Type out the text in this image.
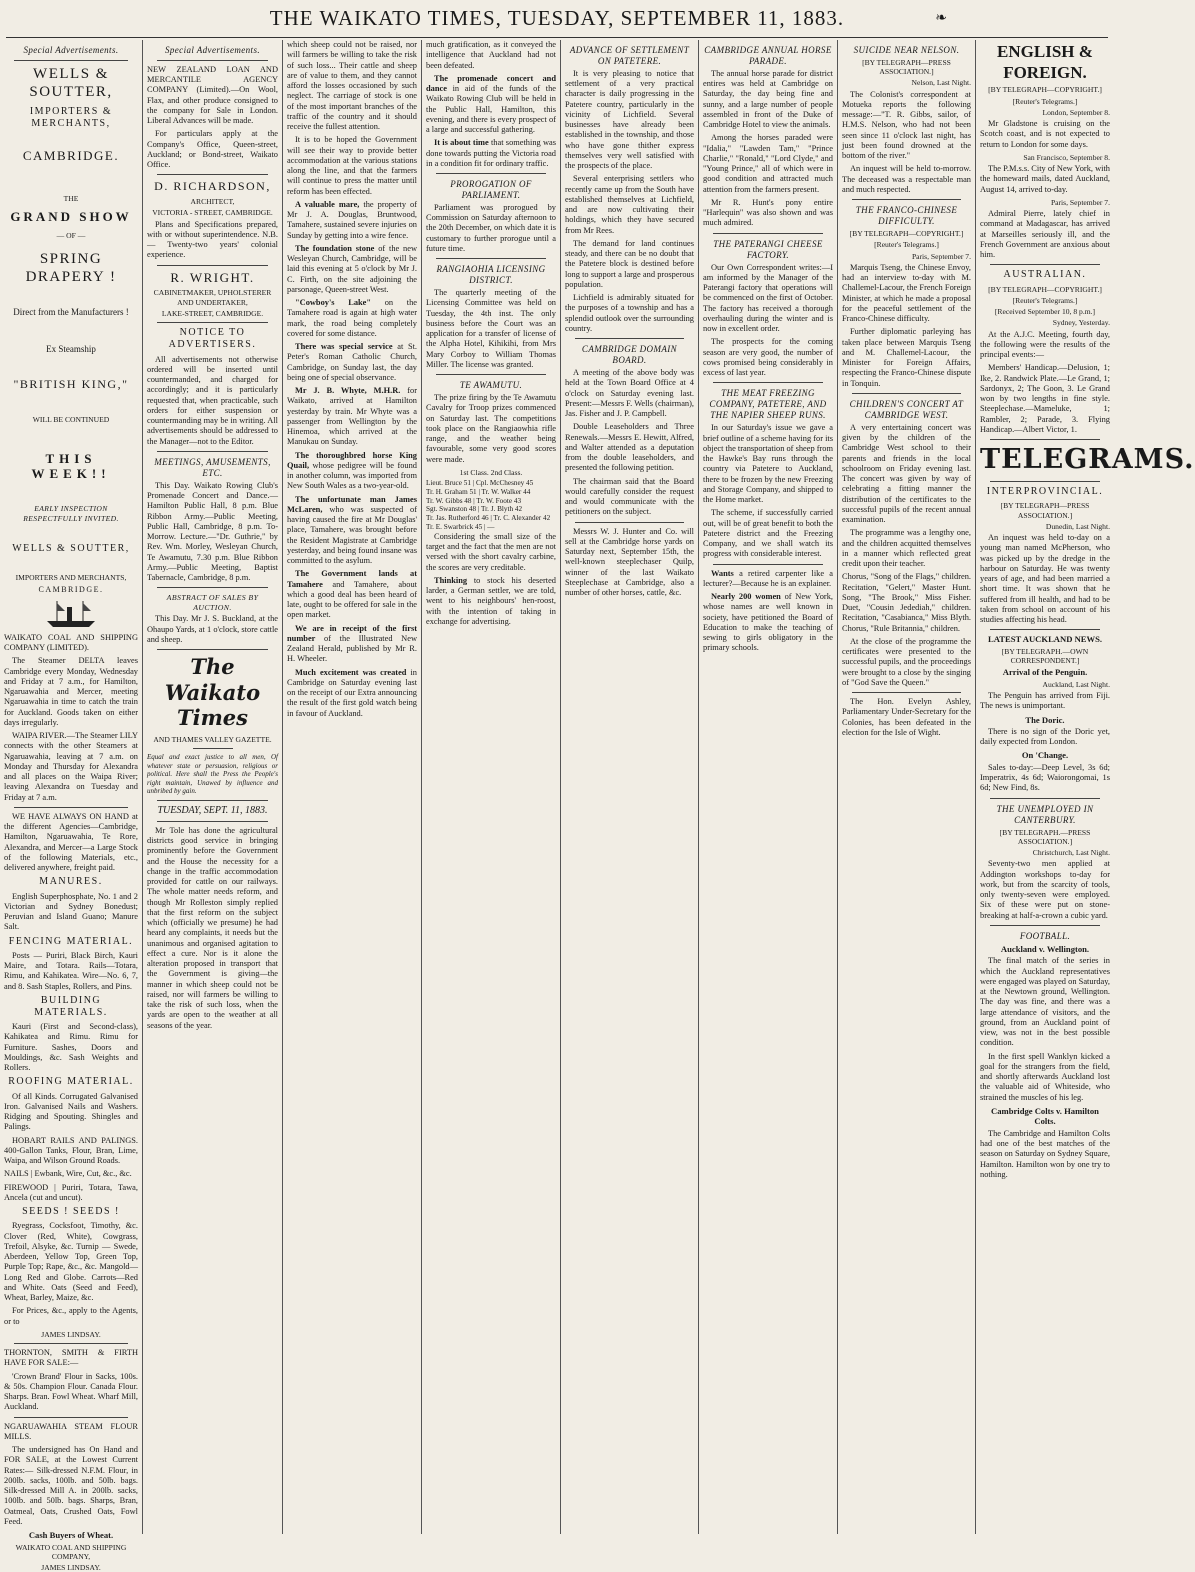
THE WAIKATO TIMES, TUESDAY, SEPTEMBER 11, 1883.	❧
Special Advertisements.
WELLS & SOUTTER,
IMPORTERS & MERCHANTS,
CAMBRIDGE.
THE
GRAND SHOW
— OF —
SPRING DRAPERY !
Direct from the Manufacturers !
Ex Steamship
"BRITISH KING,"
WILL BE CONTINUED
THIS WEEK!!
EARLY INSPECTION RESPECTFULLY INVITED.
WELLS & SOUTTER,
IMPORTERS AND MERCHANTS,
CAMBRIDGE.

WAIKATO COAL AND SHIPPING COMPANY (LIMITED).

The Steamer DELTA leaves Cambridge every Monday, Wednesday and Friday at 7 a.m., for Hamilton, Ngaruawahia and Mercer, meeting Ngaruawahia in time to catch the train for Auckland. Goods taken on either days irregularly.

WAIPA RIVER.—The Steamer LILY connects with the other Steamers at Ngaruawahia, leaving at 7 a.m. on Monday and Thursday for Alexandra and all places on the Waipa River; leaving Alexandra on Tuesday and Friday at 7 a.m.

WE HAVE ALWAYS ON HAND at the different Agencies—Cambridge, Hamilton, Ngaruawahia, Te Rore, Alexandra, and Mercer—a Large Stock of the following Materials, etc., delivered anywhere, freight paid.

MANURES.

English Superphosphate, No. 1 and 2 Victorian and Sydney Bonedust; Peruvian and Island Guano; Manure Salt.

FENCING MATERIAL.

Posts — Puriri, Black Birch, Kauri Maire, and Totara. Rails—Totara, Rimu, and Kahikatea. Wire—No. 6, 7, and 8. Sash Staples, Rollers, and Pins.

BUILDING MATERIALS.

Kauri (First and Second-class), Kahikatea and Rimu. Rimu for Furniture. Sashes, Doors and Mouldings, &c. Sash Weights and Rollers.

ROOFING MATERIAL.

Of all Kinds. Corrugated Galvanised Iron. Galvanised Nails and Washers. Ridging and Spouting. Shingles and Palings.

HOBART RAILS AND PALINGS. 400-Gallon Tanks, Flour, Bran, Lime, Waipa, and Wilson Ground Roads.

NAILS | Ewbank, Wire, Cut, &c., &c.

FIREWOOD | Puriri, Totara, Tawa, Ancela (cut and uncut).

SEEDS ! SEEDS !

Ryegrass, Cocksfoot, Timothy, &c. Clover (Red, White), Cowgrass, Trefoil, Alsyke, &c. Turnip — Swede, Aberdeen, Yellow Top, Green Top, Purple Top; Rape, &c., &c. Mangold—Long Red and Globe. Carrots—Red and White. Oats (Seed and Feed), Wheat, Barley, Maize, &c.

For Prices, &c., apply to the Agents, or to

JAMES LINDSAY.

THORNTON, SMITH & FIRTH HAVE FOR SALE:—

'Crown Brand' Flour in Sacks, 100s. & 50s. Champion Flour. Canada Flour. Sharps. Bran. Fowl Wheat. Wharf Mill, Auckland.

NGARUAWAHIA STEAM FLOUR MILLS.

The undersigned has On Hand and FOR SALE, at the Lowest Current Rates:— Silk-dressed N.F.M. Flour, in 200lb. sacks, 100lb. and 50lb. bags. Silk-dressed Mill A. in 200lb. sacks, 100lb. and 50lb. bags. Sharps, Bran, Oatmeal, Oats, Crushed Oats, Fowl Feed.

Cash Buyers of Wheat.
WAIKATO COAL AND SHIPPING COMPANY,
JAMES LINDSAY.
Special Advertisements.

NEW ZEALAND LOAN AND MERCANTILE AGENCY COMPANY (Limited).—On Wool, Flax, and other produce consigned to the company for Sale in London. Liberal Advances will be made.

For particulars apply at the Company's Office, Queen-street, Auckland; or Bond-street, Waikato Office.

D. RICHARDSON,
ARCHITECT,
VICTORIA - STREET, CAMBRIDGE.

Plans and Specifications prepared, with or without superintendence. N.B. — Twenty-two years' colonial experience.

R. WRIGHT.
CABINETMAKER, UPHOLSTERER AND UNDERTAKER,
LAKE-STREET, CAMBRIDGE.
NOTICE TO ADVERTISERS.

All advertisements not otherwise ordered will be inserted until countermanded, and charged for accordingly; and it is particularly requested that, when practicable, such orders for either suspension or countermanding may be in writing. All advertisements should be addressed to the Manager—not to the Editor.

MEETINGS, AMUSEMENTS, ETC.

This Day. Waikato Rowing Club's Promenade Concert and Dance.—Hamilton Public Hall, 8 p.m. Blue Ribbon Army.—Public Meeting, Public Hall, Cambridge, 8 p.m. To-Morrow. Lecture.—"Dr. Guthrie," by Rev. Wm. Morley, Wesleyan Church, Te Awamutu, 7.30 p.m. Blue Ribbon Army.—Public Meeting, Baptist Tabernacle, Cambridge, 8 p.m.

ABSTRACT OF SALES BY AUCTION.

This Day. Mr J. S. Buckland, at the Ohaupo Yards, at 1 o'clock, store cattle and sheep.

The Waikato Times
AND THAMES VALLEY GAZETTE.

Equal and exact justice to all men, Of whatever state or persuasion, religious or political. Here shall the Press the People's right maintain, Unawed by influence and unbribed by gain.

TUESDAY, SEPT. 11, 1883.

Mr Tole has done the agricultural districts good service in bringing prominently before the Government and the House the necessity for a change in the traffic accommodation provided for cattle on our railways. The whole matter needs reform, and though Mr Rolleston simply replied that the first reform on the subject which (officially we presume) he had heard any complaints, it needs but the unanimous and organised agitation to effect a cure. Nor is it alone the alteration proposed in transport that the Government is giving—the manner in which sheep could not be raised, nor will farmers be willing to take the risk of such loss, when the yards are open to the weather at all seasons of the year.

which sheep could not be raised, nor will farmers be willing to take the risk of such loss... Their cattle and sheep are of value to them, and they cannot afford the losses occasioned by such neglect. The carriage of stock is one of the most important branches of the traffic of the country and it should receive the fullest attention.

It is to be hoped the Government will see their way to provide better accommodation at the various stations along the line, and that the farmers will continue to press the matter until reform has been effected.

A valuable mare, the property of Mr J. A. Douglas, Bruntwood, Tamahere, sustained severe injuries on Sunday by getting into a wire fence.

The foundation stone of the new Wesleyan Church, Cambridge, will be laid this evening at 5 o'clock by Mr J. C. Firth, on the site adjoining the parsonage, Queen-street West.

"Cowboy's Lake" on the Tamahere road is again at high water mark, the road being completely covered for some distance.

There was special service at St. Peter's Roman Catholic Church, Cambridge, on Sunday last, the day being one of special observance.

Mr J. B. Whyte, M.H.R. for Waikato, arrived at Hamilton yesterday by train. Mr Whyte was a passenger from Wellington by the Hinemoa, which arrived at the Manukau on Sunday.

The thoroughbred horse King Quail, whose pedigree will be found in another column, was imported from New South Wales as a two-year-old.

The unfortunate man James McLaren, who was suspected of having caused the fire at Mr Douglas' place, Tamahere, was brought before the Resident Magistrate at Cambridge yesterday, and being found insane was committed to the asylum.

The Government lands at Tamahere and Tamahere, about which a good deal has been heard of late, ought to be offered for sale in the open market.

We are in receipt of the first number of the Illustrated New Zealand Herald, published by Mr R. H. Wheeler.

Much excitement was created in Cambridge on Saturday evening last on the receipt of our Extra announcing the result of the first gold watch being in favour of Auckland.

much gratification, as it conveyed the intelligence that Auckland had not been defeated.

The promenade concert and dance in aid of the funds of the Waikato Rowing Club will be held in the Public Hall, Hamilton, this evening, and there is every prospect of a large and successful gathering.

It is about time that something was done towards putting the Victoria road in a condition fit for ordinary traffic.

PROROGATION OF PARLIAMENT.

Parliament was prorogued by Commission on Saturday afternoon to the 20th December, on which date it is customary to further prorogue until a future time.

RANGIAOHIA LICENSING DISTRICT.

The quarterly meeting of the Licensing Committee was held on Tuesday, the 4th inst. The only business before the Court was an application for a transfer of license of the Alpha Hotel, Kihikihi, from Mrs Mary Corboy to William Thomas Miller. The license was granted.

TE AWAMUTU.

The prize firing by the Te Awamutu Cavalry for Troop prizes commenced on Saturday last. The competitions took place on the Rangiaowhia rifle range, and the weather being favourable, some very good scores were made.

1st Class. 2nd Class.
Lieut. Bruce 51 | Cpl. McChesney 45
Tr. H. Graham 51 | Tr. W. Walker 44
Tr. W. Gibbs 48 | Tr. W. Foote 43
Sgt. Swanston 48 | Tr. J. Blyth 42
Tr. Jas. Rutherford 46 | Tr. C. Alexander 42
Tr. E. Swarbrick 45 | —

Considering the small size of the target and the fact that the men are not versed with the short cavalry carbine, the scores are very creditable.

Thinking to stock his deserted larder, a German settler, we are told, went to his neighbours' hen-roost, with the intention of taking in exchange for advertising.

ADVANCE OF SETTLEMENT ON PATETERE.

It is very pleasing to notice that settlement of a very practical character is daily progressing in the Patetere country, particularly in the vicinity of Lichfield. Several businesses have already been established in the township, and those who have gone thither express themselves very well satisfied with the prospects of the place.

Several enterprising settlers who recently came up from the South have established themselves at Lichfield, and are now cultivating their holdings, which they have secured from Mr Rees.

The demand for land continues steady, and there can be no doubt that the Patetere block is destined before long to support a large and prosperous population.

Lichfield is admirably situated for the purposes of a township and has a splendid outlook over the surrounding country.

CAMBRIDGE DOMAIN BOARD.

A meeting of the above body was held at the Town Board Office at 4 o'clock on Saturday evening last. Present:—Messrs F. Wells (chairman), Jas. Fisher and J. P. Campbell.

Double Leaseholders and Three Renewals.—Messrs E. Hewitt, Alfred, and Walter attended as a deputation from the double leaseholders, and presented the following petition.

The chairman said that the Board would carefully consider the request and would communicate with the petitioners on the subject.

Messrs W. J. Hunter and Co. will sell at the Cambridge horse yards on Saturday next, September 15th, the well-known steeplechaser Quilp, winner of the last Waikato Steeplechase at Cambridge, also a number of other horses, cattle, &c.

CAMBRIDGE ANNUAL HORSE PARADE.

The annual horse parade for district entires was held at Cambridge on Saturday, the day being fine and sunny, and a large number of people assembled in front of the Duke of Cambridge Hotel to view the animals.

Among the horses paraded were "Idalia," "Lawden Tam," "Prince Charlie," "Ronald," "Lord Clyde," and "Young Prince," all of which were in good condition and attracted much attention from the farmers present.

Mr R. Hunt's pony entire "Harlequin" was also shown and was much admired.

THE PATERANGI CHEESE FACTORY.

Our Own Correspondent writes:—I am informed by the Manager of the Paterangi factory that operations will be commenced on the first of October. The factory has received a thorough overhauling during the winter and is now in excellent order.

The prospects for the coming season are very good, the number of cows promised being considerably in excess of last year.

THE MEAT FREEZING COMPANY, PATETERE, AND THE NAPIER SHEEP RUNS.

In our Saturday's issue we gave a brief outline of a scheme having for its object the transportation of sheep from the Hawke's Bay runs through the country via Patetere to Auckland, there to be frozen by the new Freezing and Storage Company, and shipped to the Home market.

The scheme, if successfully carried out, will be of great benefit to both the Patetere district and the Freezing Company, and we shall watch its progress with considerable interest.

Wants a retired carpenter like a lecturer?—Because he is an explainer.

Nearly 200 women of New York, whose names are well known in society, have petitioned the Board of Education to make the teaching of sewing to girls obligatory in the primary schools.

SUICIDE NEAR NELSON.
[BY TELEGRAPH—PRESS ASSOCIATION.]
Nelson, Last Night.

The Colonist's correspondent at Motueka reports the following message:—"T. R. Gibbs, sailor, of H.M.S. Nelson, who had not been seen since 11 o'clock last night, has just been found drowned at the bottom of the river."

An inquest will be held to-morrow. The deceased was a respectable man and much respected.

THE FRANCO-CHINESE DIFFICULTY.
[BY TELEGRAPH—COPYRIGHT.]
[Reuter's Telegrams.]
Paris, September 7.

Marquis Tseng, the Chinese Envoy, had an interview to-day with M. Challemel-Lacour, the French Foreign Minister, at which he made a proposal for the peaceful settlement of the Franco-Chinese difficulty.

Further diplomatic parleying has taken place between Marquis Tseng and M. Challemel-Lacour, the Minister for Foreign Affairs, respecting the Franco-Chinese dispute in Tonquin.

CHILDREN'S CONCERT AT CAMBRIDGE WEST.

A very entertaining concert was given by the children of the Cambridge West school to their parents and friends in the local schoolroom on Friday evening last. The concert was given by way of celebrating a fitting manner the distribution of the certificates to the successful pupils of the recent annual examination.

The programme was a lengthy one, and the children acquitted themselves in a manner which reflected great credit upon their teacher.

Chorus, "Song of the Flags," children. Recitation, "Gelert," Master Hunt. Song, "The Brook," Miss Fisher. Duet, "Cousin Jedediah," children. Recitation, "Casabianca," Miss Blyth. Chorus, "Rule Britannia," children.

At the close of the programme the certificates were presented to the successful pupils, and the proceedings were brought to a close by the singing of "God Save the Queen."

The Hon. Evelyn Ashley, Parliamentary Under-Secretary for the Colonies, has been defeated in the election for the Isle of Wight.

ENGLISH & FOREIGN.
[BY TELEGRAPH—COPYRIGHT.]
[Reuter's Telegrams.]
London, September 8.

Mr Gladstone is cruising on the Scotch coast, and is not expected to return to London for some days.

San Francisco, September 8.

The P.M.s.s. City of New York, with the homeward mails, dated Auckland, August 14, arrived to-day.

Paris, September 7.

Admiral Pierre, lately chief in command at Madagascar, has arrived at Marseilles seriously ill, and the French Government are anxious about him.

AUSTRALIAN.
[BY TELEGRAPH—COPYRIGHT.]
[Reuter's Telegrams.]
[Received September 10, 8 p.m.]
Sydney, Yesterday.

At the A.J.C. Meeting, fourth day, the following were the results of the principal events:—

Members' Handicap.—Delusion, 1; Ike, 2. Randwick Plate.—Le Grand, 1; Sardonyx, 2; The Goon, 3. Le Grand won by two lengths in fine style. Steeplechase.—Mameluke, 1; Rambler, 2; Parade, 3. Flying Handicap.—Albert Victor, 1.

TELEGRAMS.
INTERPROVINCIAL.
[BY TELEGRAPH—PRESS ASSOCIATION.]
Dunedin, Last Night.

An inquest was held to-day on a young man named McPherson, who was picked up by the dredge in the harbour on Saturday. He was twenty years of age, and had been married a short time. It was shown that he suffered from ill health, and had to be taken from school on account of his studies affecting his head.

LATEST AUCKLAND NEWS.
[BY TELEGRAPH.—OWN CORRESPONDENT.]
Arrival of the Penguin.
Auckland, Last Night.

The Penguin has arrived from Fiji. The news is unimportant.

The Doric.

There is no sign of the Doric yet, daily expected from London.

On 'Change.

Sales to-day:—Deep Level, 3s 6d; Imperatrix, 4s 6d; Waiorongomai, 1s 6d; New Find, 8s.

THE UNEMPLOYED IN CANTERBURY.
[BY TELEGRAPH.—PRESS ASSOCIATION.]
Christchurch, Last Night.

Seventy-two men applied at Addington workshops to-day for work, but from the scarcity of tools, only twenty-seven were employed. Six of these were put on stone-breaking at half-a-crown a cubic yard.

FOOTBALL.
Auckland v. Wellington.

The final match of the series in which the Auckland representatives were engaged was played on Saturday, at the Newtown ground, Wellington. The day was fine, and there was a large attendance of visitors, and the ground, from an Auckland point of view, was not in the best possible condition.

In the first spell Wanklyn kicked a goal for the strangers from the field, and shortly afterwards Auckland lost the valuable aid of Whiteside, who strained the muscles of his leg.

Cambridge Colts v. Hamilton Colts.

The Cambridge and Hamilton Colts had one of the best matches of the season on Saturday on Sydney Square, Hamilton. Hamilton won by one try to nothing.
